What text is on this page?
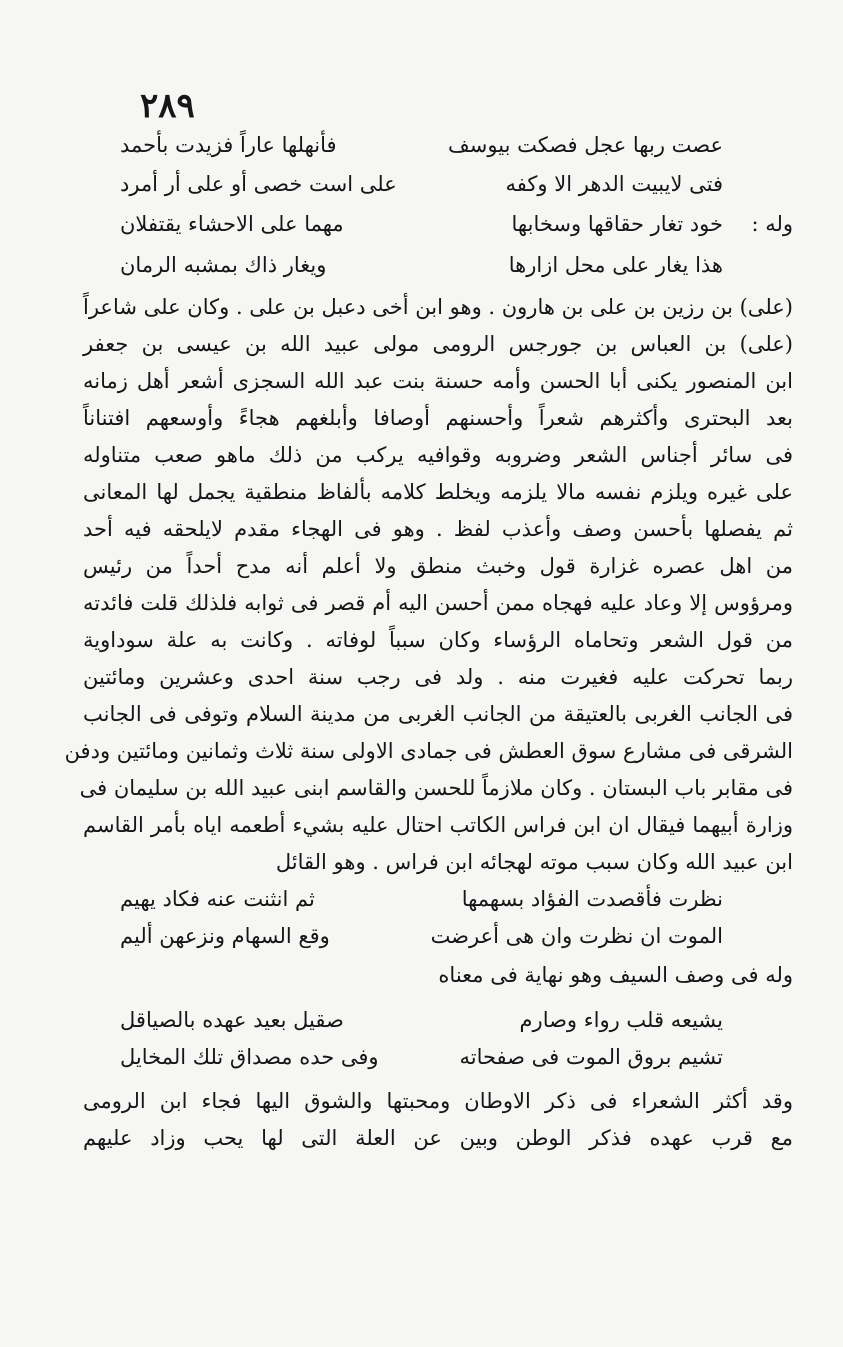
٢٨٩
عصت ربها عجل فصكت بيوسف
فأنهلها عاراً فزيدت بأحمد
فتى لايبيت الدهر الا وكفه
على است خصى أو على أر أمرد
وله :
خود تغار حقاقها وسخابها
مهما على الاحشاء يقتفلان
هذا يغار على محل ازارها
ويغار ذاك بمشبه الرمان
(على) بن رزين بن على بن هارون . وهو ابن أخى دعبل بن على . وكان على شاعراً
(على) بن العباس بن جورجس الرومى مولى عبيد الله بن عيسى بن جعفر
ابن المنصور يكنى أبا الحسن وأمه حسنة بنت عبد الله السجزى أشعر أهل زمانه
بعد البحترى وأكثرهم شعراً وأحسنهم أوصافا وأبلغهم هجاءً وأوسعهم افتناناً
فى سائر أجناس الشعر وضروبه وقوافيه يركب من ذلك ماهو صعب متناوله
على غيره ويلزم نفسه مالا يلزمه ويخلط كلامه بألفاظ منطقية يجمل لها المعانى
ثم يفصلها بأحسن وصف وأعذب لفظ . وهو فى الهجاء مقدم لايلحقه فيه أحد
من اهل عصره غزارة قول وخبث منطق ولا أعلم أنه مدح أحداً من رئيس
ومرؤوس إلا وعاد عليه فهجاه ممن أحسن اليه أم قصر فى ثوابه فلذلك قلت فائدته
من قول الشعر وتحاماه الرؤساء وكان سبباً لوفاته . وكانت به علة سوداوية
ربما تحركت عليه فغيرت منه . ولد فى رجب سنة احدى وعشرين ومائتين
فى الجانب الغربى بالعتيقة من الجانب الغربى من مدينة السلام وتوفى فى الجانب
الشرقى فى مشارع سوق العطش فى جمادى الاولى سنة ثلاث وثمانين ومائتين ودفن
فى مقابر باب البستان . وكان ملازماً للحسن والقاسم ابنى عبيد الله بن سليمان فى
وزارة أبيهما فيقال ان ابن فراس الكاتب احتال عليه بشيء أطعمه اياه بأمر القاسم
ابن عبيد الله وكان سبب موته لهجائه ابن فراس . وهو القائل
نظرت فأقصدت الفؤاد بسهمها
ثم انثنت عنه فكاد يهيم
الموت ان نظرت وان هى أعرضت
وقع السهام ونزعهن أليم
وله فى وصف السيف وهو نهاية فى معناه
يشيعه قلب رواء وصارم
صقيل بعيد عهده بالصياقل
تشيم بروق الموت فى صفحاته
وفى حده مصداق تلك المخايل
وقد أكثر الشعراء فى ذكر الاوطان ومحبتها والشوق اليها فجاء ابن الرومى
مع قرب عهده فذكر الوطن وبين عن العلة التى لها يحب وزاد عليهم
